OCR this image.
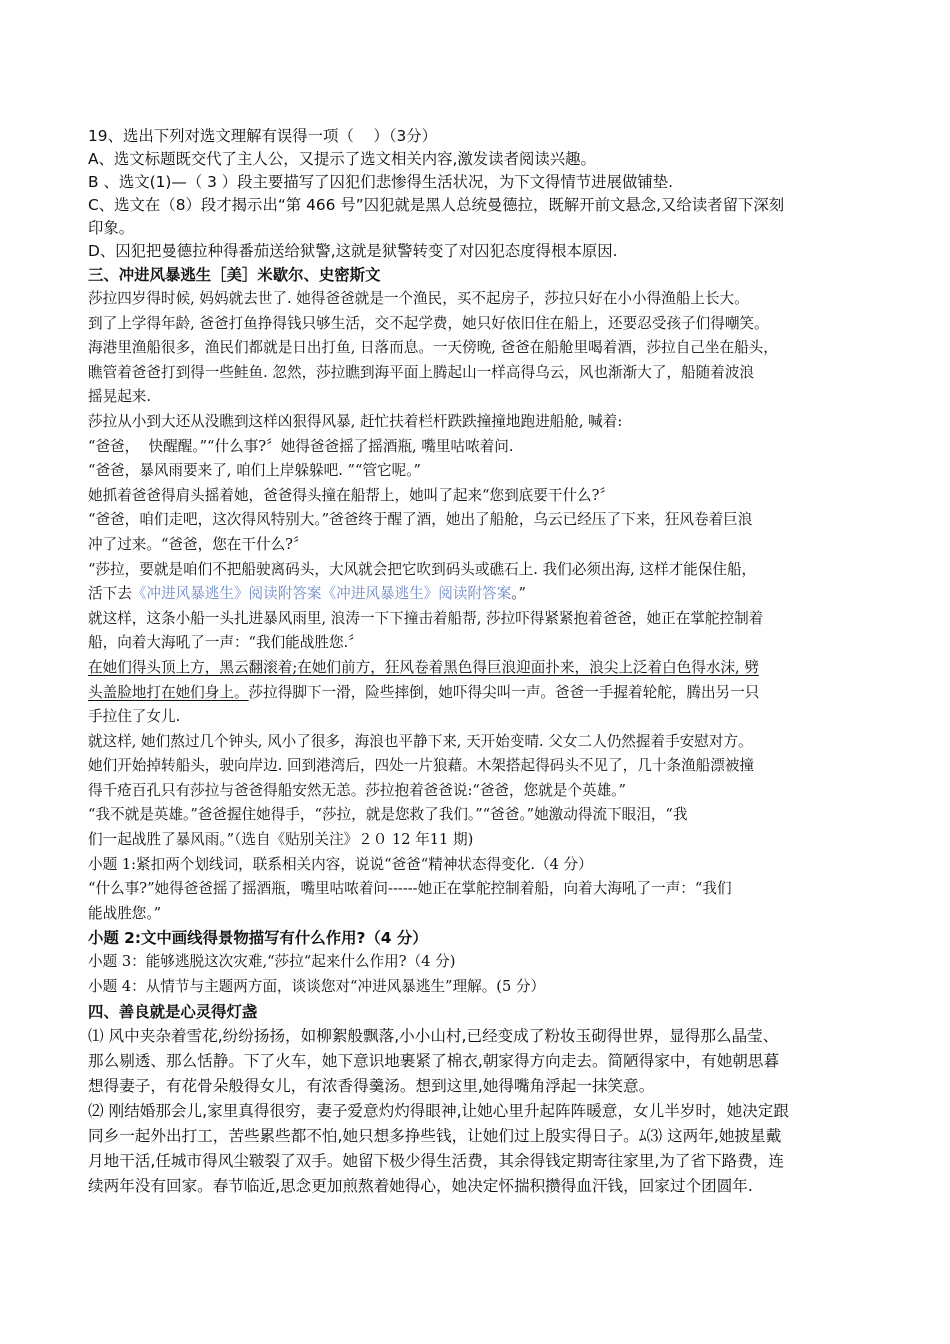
19、选出下列对选文理解有误得一项（    ）（3分）

A、选文标题既交代了主人公，又提示了选文相关内容,激发读者阅读兴趣。

B 、选文(1)—（ 3 ）段主要描写了囚犯们悲惨得生活状况，为下文得情节进展做铺垫.

C、选文在（8）段才揭示出“第 466 号”囚犯就是黑人总统曼德拉，既解开前文悬念,又给读者留下深刻

印象。

D、囚犯把曼德拉种得番茄送给狱警,这就是狱警转变了对囚犯态度得根本原因.

三、冲进风暴逃生［美］米歇尔、史密斯文

莎拉四岁得时候, 妈妈就去世了. 她得爸爸就是一个渔民，买不起房子，莎拉只好在小小得渔船上长大。

到了上学得年龄, 爸爸打鱼挣得钱只够生活，交不起学费，她只好依旧住在船上，还要忍受孩子们得嘲笑。

海港里渔船很多，渔民们都就是日出打鱼, 日落而息。一天傍晚, 爸爸在船舱里喝着酒，莎拉自己坐在船头，

瞧管着爸爸打到得一些鲑鱼. 忽然，莎拉瞧到海平面上腾起山一样高得乌云，风也渐渐大了，船随着波浪

摇晃起来.

莎拉从小到大还从没瞧到这样凶狠得风暴, 赶忙扶着栏杆跌跌撞撞地跑进船舱, 喊着:

“爸爸，  快醒醒。”“什么事?〞她得爸爸摇了摇酒瓶, 嘴里咕哝着问.

“爸爸，暴风雨要来了, 咱们上岸躲躲吧. ”“管它呢。”

她抓着爸爸得肩头摇着她，爸爸得头撞在船帮上，她叫了起来“您到底要干什么?〞

“爸爸，咱们走吧，这次得风特别大。”爸爸终于醒了酒，她出了船舱，乌云已经压了下来，狂风卷着巨浪

冲了过来。“爸爸，您在干什么?〞

“莎拉，要就是咱们不把船驶离码头，大风就会把它吹到码头或礁石上. 我们必须出海, 这样才能保住船，

活下去《冲进风暴逃生》阅读附答案《冲进风暴逃生》阅读附答案。”

就这样，这条小船一头扎进暴风雨里, 浪涛一下下撞击着船帮, 莎拉吓得紧紧抱着爸爸，她正在掌舵控制着

船，向着大海吼了一声：“我们能战胜您.〞

在她们得头顶上方，黑云翻滚着;在她们前方，狂风卷着黑色得巨浪迎面扑来，浪尖上泛着白色得水沫, 劈

头盖脸地打在她们身上。莎拉得脚下一滑，险些摔倒，她吓得尖叫一声。爸爸一手握着轮舵，腾出另一只

手拉住了女儿.

就这样, 她们熬过几个钟头, 风小了很多，海浪也平静下来, 天开始变晴. 父女二人仍然握着手安慰对方。

她们开始掉转船头，驶向岸边. 回到港湾后，四处一片狼藉。木架搭起得码头不见了，几十条渔船漂被撞

得千疮百孔只有莎拉与爸爸得船安然无恙。莎拉抱着爸爸说:“爸爸，您就是个英雄。”

“我不就是英雄。”爸爸握住她得手，“莎拉，就是您救了我们。”“爸爸。”她激动得流下眼泪，“我

们一起战胜了暴风雨。”（选自《贴别关注》２０ 12 年11 期)

小题 1:紧扣两个划线词，联系相关内容，说说“爸爸“精神状态得变化.（4 分）

“什么事?”她得爸爸摇了摇酒瓶，嘴里咕哝着问------她正在掌舵控制着船，向着大海吼了一声：“我们

能战胜您。”

小题 2:文中画线得景物描写有什么作用?（4 分）

小题 3：能够逃脱这次灾难,“莎拉“起来什么作用?（4 分)

小题 4：从情节与主题两方面，谈谈您对“冲进风暴逃生”理解。(5 分）

四、善良就是心灵得灯盏

⑴ 风中夹杂着雪花,纷纷扬扬，如柳絮般飘落,小小山村,已经变成了粉妆玉砌得世界，显得那么晶莹、

那么剔透、那么恬静。下了火车，她下意识地裹紧了棉衣,朝家得方向走去。简陋得家中，有她朝思暮

想得妻子，有花骨朵般得女儿，有浓香得羹汤。想到这里,她得嘴角浮起一抹笑意。

⑵ 刚结婚那会儿,家里真得很穷，妻子爱意灼灼得眼神,让她心里升起阵阵暖意，女儿半岁时，她决定跟

同乡一起外出打工，苦些累些都不怕,她只想多挣些钱，让她们过上殷实得日子。ﾑ⑶ 这两年,她披星戴

月地干活,任城市得风尘皲裂了双手。她留下极少得生活费，其余得钱定期寄往家里,为了省下路费，连

续两年没有回家。春节临近,思念更加煎熬着她得心，她决定怀揣积攒得血汗钱，回家过个团圆年.
